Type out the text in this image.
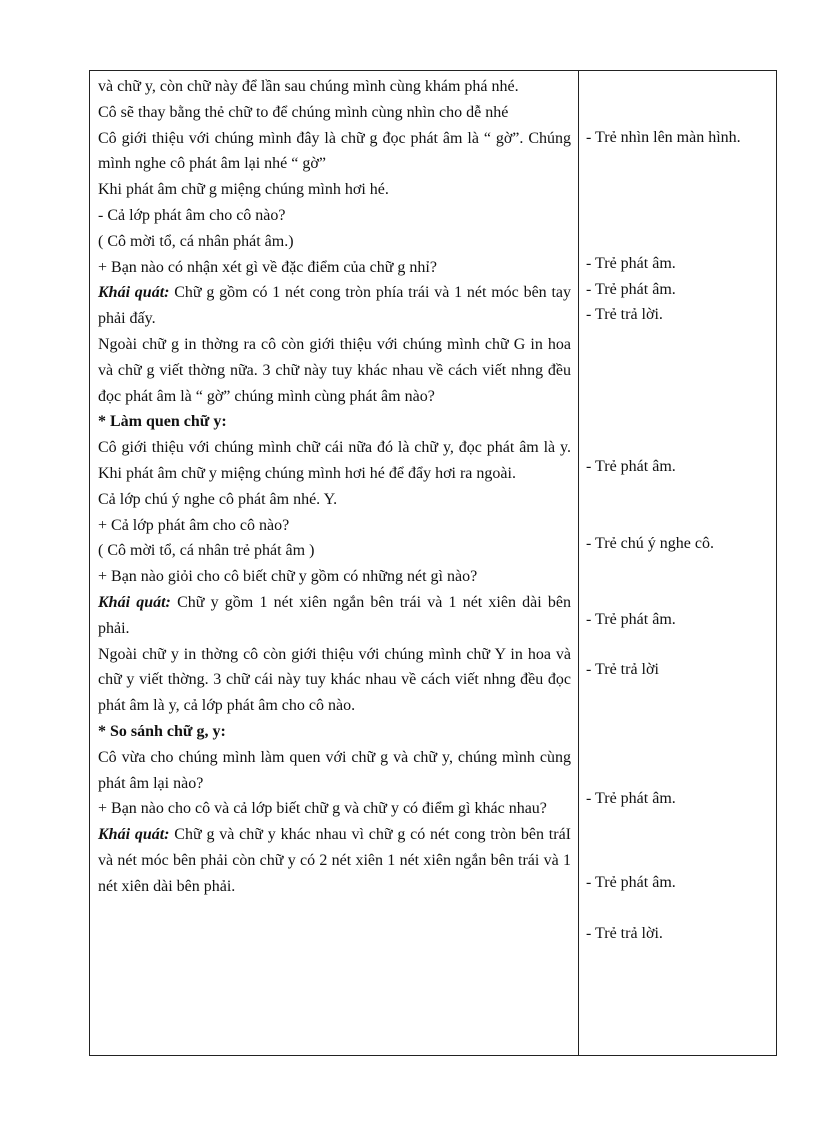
và chữ y, còn chữ này để lần sau chúng mình cùng khám phá nhé.

Cô sẽ thay bằng thẻ chữ to để chúng mình cùng nhìn cho dễ nhé

Cô giới thiệu với chúng mình đây là chữ g đọc phát âm là “ gờ”. Chúng mình nghe cô phát âm lại nhé “ gờ”

Khi phát âm chữ g miệng chúng mình hơi hé.

- Cả lớp phát âm cho cô nào?

( Cô mời tổ, cá nhân phát âm.)

+ Bạn nào có nhận xét gì về đặc điểm của chữ g nhỉ?

Khái quát: Chữ g gồm có 1 nét cong tròn phía trái và 1 nét móc bên tay phải đấy.

Ngoài chữ g in thờng ra cô còn giới thiệu với chúng mình chữ G in hoa và chữ g viết thờng nữa. 3 chữ này tuy khác nhau về cách viết nhng đều đọc phát âm là “ gờ” chúng mình cùng phát âm nào?

* Làm quen chữ y:

Cô giới thiệu với chúng mình chữ cái nữa đó là chữ y, đọc phát âm là y. Khi phát âm chữ y miệng chúng mình hơi hé để đẩy hơi ra ngoài.

Cả lớp chú ý nghe cô phát âm nhé. Y.

+ Cả lớp phát âm cho cô nào?

( Cô mời tổ, cá nhân trẻ phát âm )

+ Bạn nào giỏi cho cô biết chữ y gồm có những nét gì nào?

Khái quát: Chữ y gồm 1 nét xiên ngắn bên trái và 1 nét xiên dài bên phải.

Ngoài chữ y in thờng cô còn giới thiệu với chúng mình chữ Y in hoa và chữ y viết thờng. 3 chữ cái này tuy khác nhau về cách viết nhng đều đọc phát âm là y, cả lớp phát âm cho cô nào.

* So sánh chữ g, y:

Cô vừa cho chúng mình làm quen với chữ g và chữ y, chúng mình cùng phát âm lại nào?

+ Bạn nào cho cô và cả lớp biết chữ g và chữ y có điểm gì khác nhau?

Khái quát: Chữ g và chữ y khác nhau vì chữ g có nét cong tròn bên tráI và nét móc bên phải còn chữ y có 2 nét xiên 1 nét xiên ngắn bên trái và 1 nét xiên dài bên phải.

- Trẻ nhìn lên màn hình.

- Trẻ phát âm.

- Trẻ phát âm.

- Trẻ trả lời.

- Trẻ phát âm.

- Trẻ chú ý nghe cô.

- Trẻ phát âm.

- Trẻ trả lời

- Trẻ phát âm.

- Trẻ phát âm.

- Trẻ trả lời.
